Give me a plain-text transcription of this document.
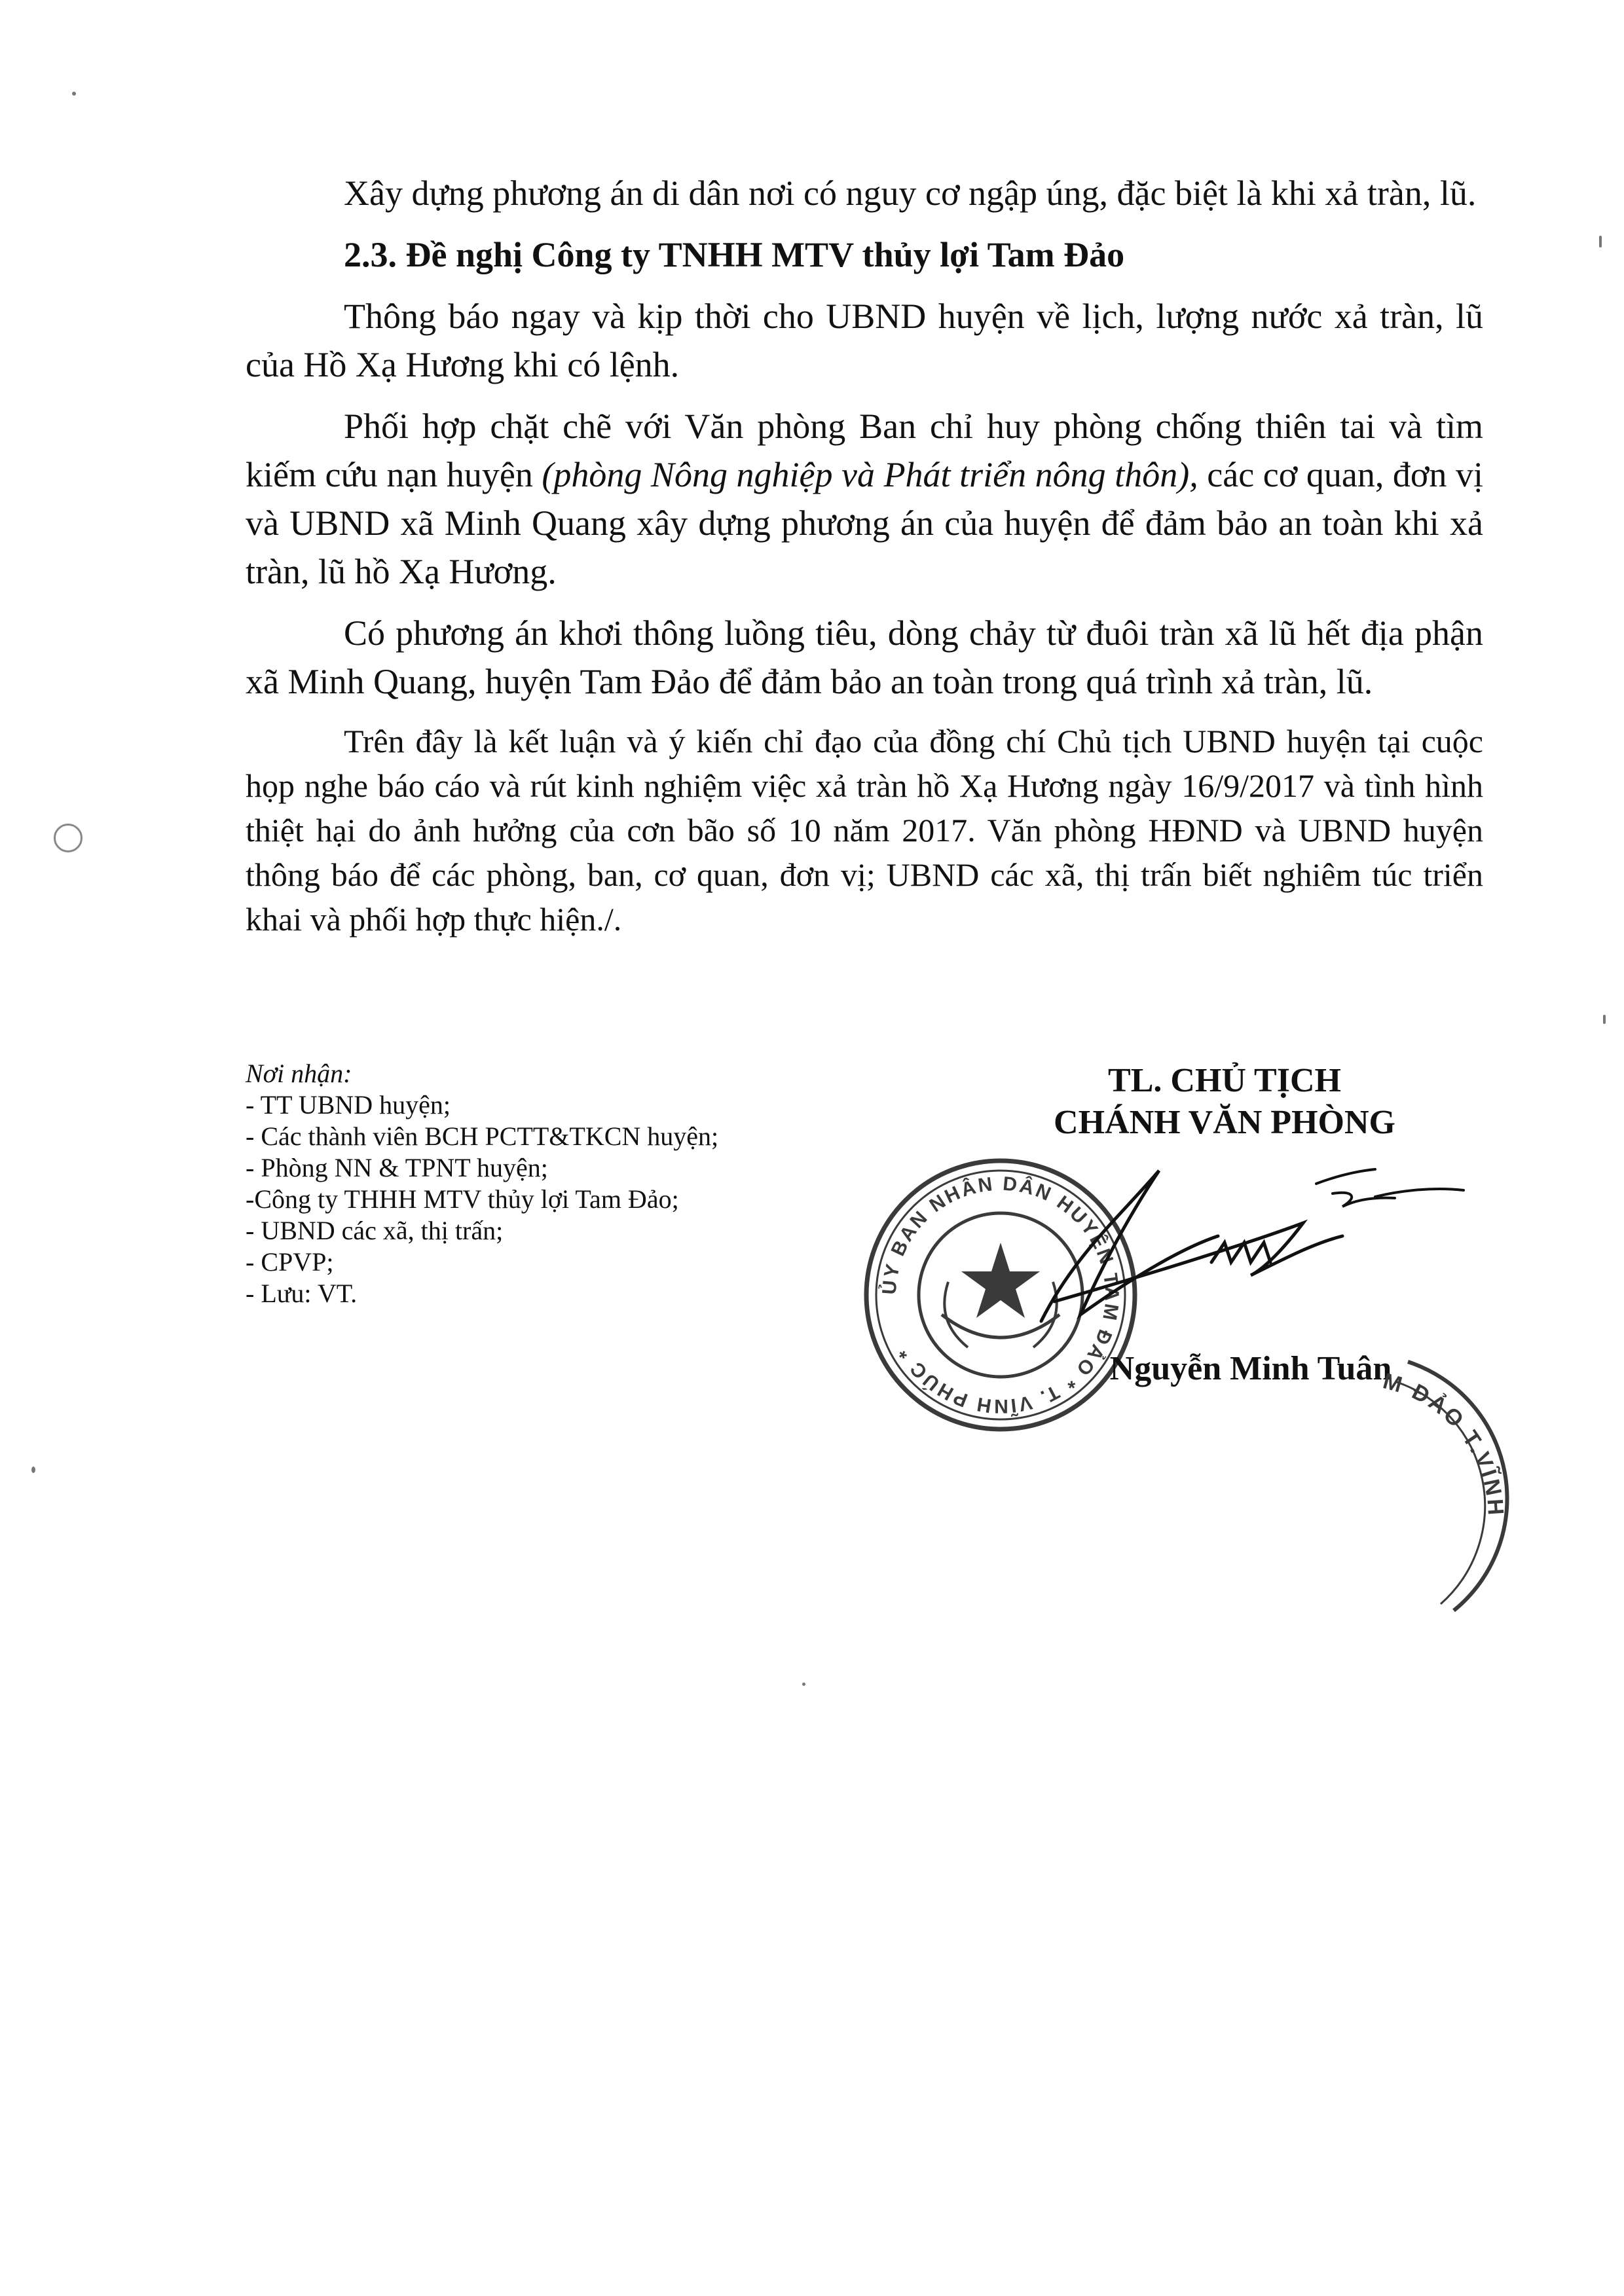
Xây dựng phương án di dân nơi có nguy cơ ngập úng, đặc biệt là khi xả tràn, lũ.

2.3. Đề nghị Công ty TNHH MTV thủy lợi Tam Đảo

Thông báo ngay và kịp thời cho UBND huyện về lịch, lượng nước xả tràn, lũ của Hồ Xạ Hương khi có lệnh.

Phối hợp chặt chẽ với Văn phòng Ban chỉ huy phòng chống thiên tai và tìm kiếm cứu nạn huyện (phòng Nông nghiệp và Phát triển nông thôn), các cơ quan, đơn vị và UBND xã Minh Quang xây dựng phương án của huyện để đảm bảo an toàn khi xả tràn, lũ hồ Xạ Hương.

Có phương án khơi thông luồng tiêu, dòng chảy từ đuôi tràn xã lũ hết địa phận xã Minh Quang, huyện Tam Đảo để đảm bảo an toàn trong quá trình xả tràn, lũ.

Trên đây là kết luận và ý kiến chỉ đạo của đồng chí Chủ tịch UBND huyện tại cuộc họp nghe báo cáo và rút kinh nghiệm việc xả tràn hồ Xạ Hương ngày 16/9/2017 và tình hình thiệt hại do ảnh hưởng của cơn bão số 10 năm 2017. Văn phòng HĐND và UBND huyện thông báo để các phòng, ban, cơ quan, đơn vị; UBND các xã, thị trấn biết nghiêm túc triển khai và phối hợp thực hiện./.

Nơi nhận:
- TT UBND huyện;
- Các thành viên BCH PCTT&TKCN huyện;
- Phòng NN & TPNT huyện;
-Công ty THHH MTV thủy lợi Tam Đảo;
- UBND các xã, thị trấn;
- CPVP;
- Lưu: VT.
TL. CHỦ TỊCH
CHÁNH VĂN PHÒNG
ỦY BAN NHÂN DÂN HUYỆN TAM ĐẢO * T. VĨNH PHÚC *	Nguyễn Minh Tuân
M ĐẢO T.VĨNH
